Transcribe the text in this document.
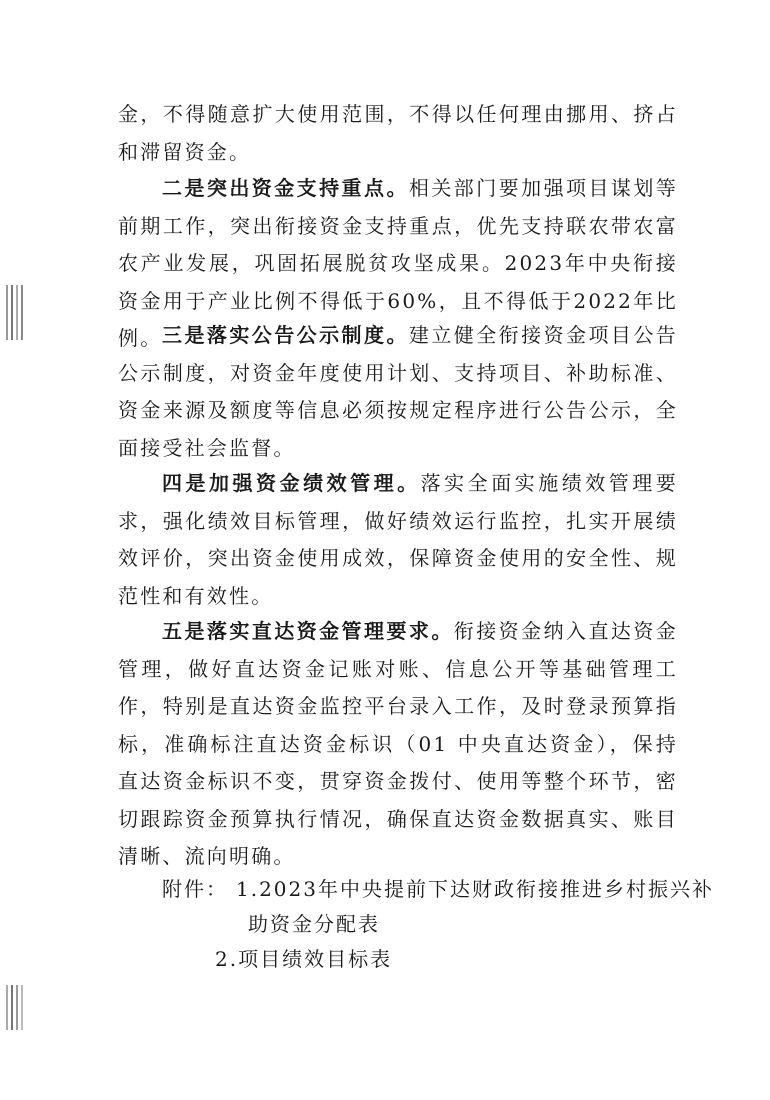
金，不得随意扩大使用范围，不得以任何理由挪用、挤占和滞留资金。

二是突出资金支持重点。相关部门要加强项目谋划等前期工作，突出衔接资金支持重点，优先支持联农带农富农产业发展，巩固拓展脱贫攻坚成果。2023年中央衔接资金用于产业比例不得低于60%，且不得低于2022年比例。 三是落实公告公示制度。建立健全衔接资金项目公告公示制度，对资金年度使用计划、支持项目、补助标准、资金来源及额度等信息必须按规定程序进行公告公示，全面接受社会监督。

四是加强资金绩效管理。落实全面实施绩效管理要求，强化绩效目标管理，做好绩效运行监控，扎实开展绩效评价，突出资金使用成效，保障资金使用的安全性、规范性和有效性。

五是落实直达资金管理要求。衔接资金纳入直达资金管理，做好直达资金记账对账、信息公开等基础管理工作，特别是直达资金监控平台录入工作，及时登录预算指标，准确标注直达资金标识（01 中央直达资金），保持直达资金标识不变，贯穿资金拨付、使用等整个环节，密切跟踪资金预算执行情况，确保直达资金数据真实、账目清晰、流向明确。

附件： 1.2023年中央提前下达财政衔接推进乡村振兴补
助资金分配表
2.项目绩效目标表
